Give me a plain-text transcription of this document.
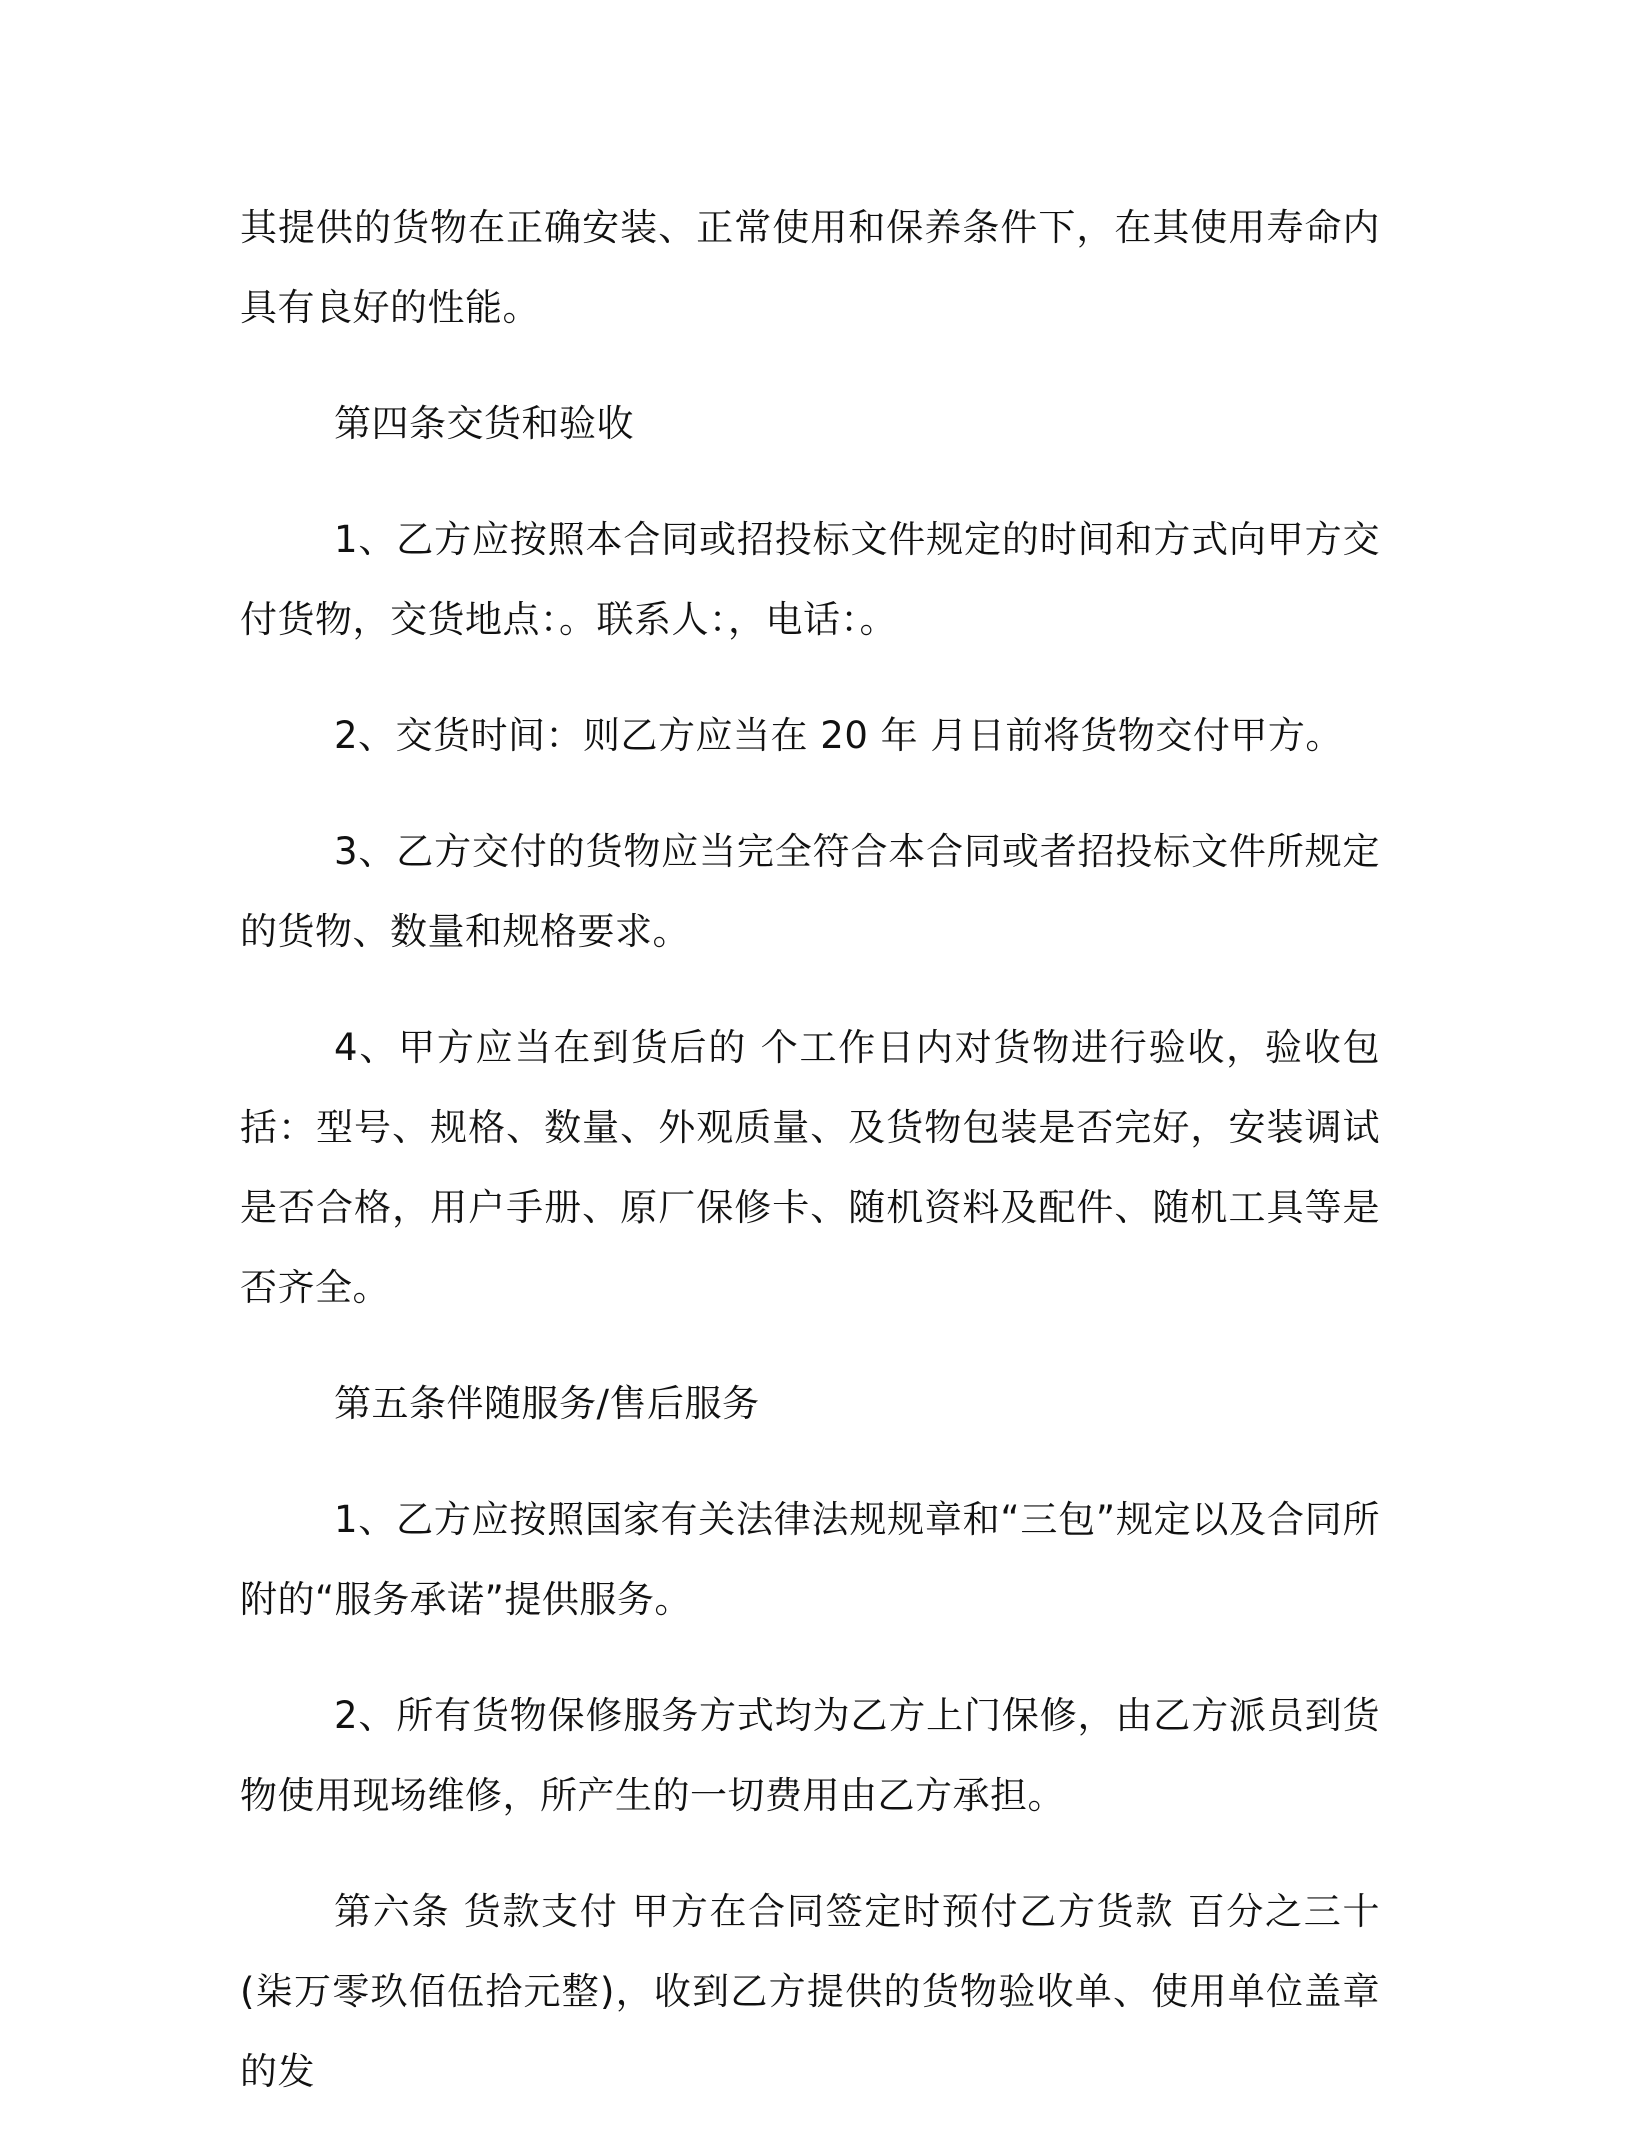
其提供的货物在正确安装、正常使用和保养条件下，在其使用寿命内具有良好的性能。

第四条交货和验收

1、乙方应按照本合同或招投标文件规定的时间和方式向甲方交付货物，交货地点：。联系人：，电话：。

2、交货时间：则乙方应当在 20 年 月日前将货物交付甲方。

3、乙方交付的货物应当完全符合本合同或者招投标文件所规定的货物、数量和规格要求。

4、甲方应当在到货后的 个工作日内对货物进行验收，验收包括：型号、规格、数量、外观质量、及货物包装是否完好，安装调试是否合格，用户手册、原厂保修卡、随机资料及配件、随机工具等是否齐全。

第五条伴随服务/售后服务

1、乙方应按照国家有关法律法规规章和“三包”规定以及合同所附的“服务承诺”提供服务。

2、所有货物保修服务方式均为乙方上门保修，由乙方派员到货物使用现场维修，所产生的一切费用由乙方承担。

第六条 货款支付 甲方在合同签定时预付乙方货款 百分之三十(柒万零玖佰伍拾元整)，收到乙方提供的货物验收单、使用单位盖章的发
